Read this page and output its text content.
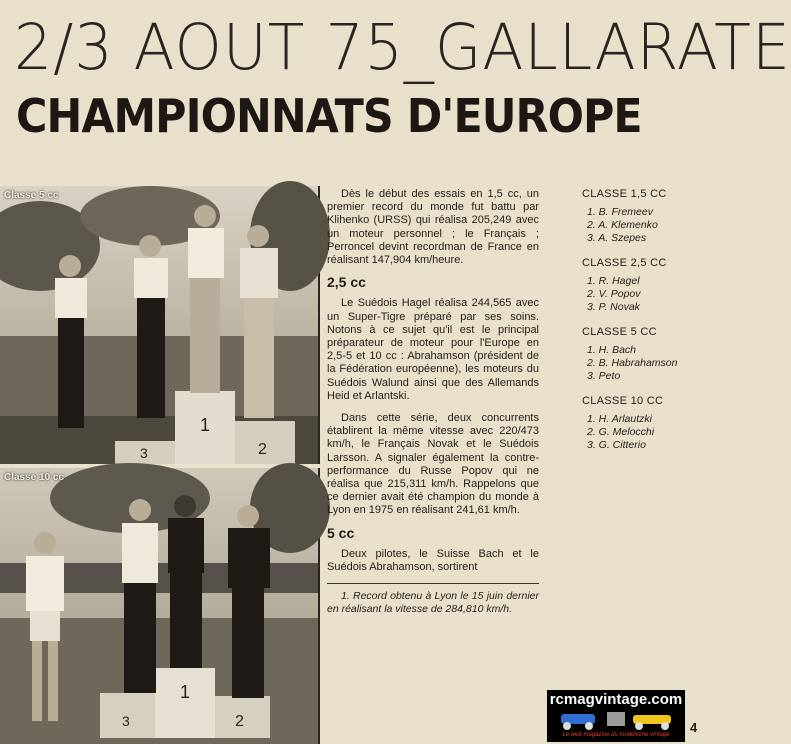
2/3 AOUT 75_GALLARATE
CHAMPIONNATS D'EUROPE
3
1
2
Classe 5 cc
3
1
2
Classe 10 cc

Dès le début des essais en 1,5 cc, un premier record du monde fut battu par Klihenko (URSS) qui réalisa 205,249 avec un moteur personnel ; le Français ; Perroncel devint recordman de France en réalisant 147,904 km/heure.

2,5 cc

Le Suédois Hagel réalisa 244,565 avec un Super-Tigre préparé par ses soins. Notons à ce sujet qu'il est le principal préparateur de moteur pour l'Europe en 2,5-5 et 10 cc : Abrahamson (président de la Fédération européenne), les moteurs du Suédois Walund ainsi que des Allemands Heid et Arlantski.

Dans cette série, deux concurrents établirent la même vitesse avec 220/473 km/h, le Français Novak et le Suédois Larsson. A signaler également la contre-performance du Russe Popov qui ne réalisa que 215,311 km/h. Rappelons que ce dernier avait été champion du monde à Lyon en 1975 en réalisant 241,61 km/h.

5 cc

Deux pilotes, le Suisse Bach et le Suédois Abrahamson, sortirent

1. Record obtenu à Lyon le 15 juin dernier en réalisant la vitesse de 284,810 km/h.

CLASSE 1,5 CC
1. B. Fremeev
2. A. Klemenko
3. A. Szepes
CLASSE 2,5 CC
1. R. Hagel
2. V. Popov
3. P. Novak
CLASSE 5 CC
1. H. Bach
2. B. Habrahamson
3. Peto
CLASSE 10 CC
1. H. Arlautzki
2. G. Melocchi
3. G. Citterio
rcmagvintage.com
Le web magazine du modélisme vintage	4
